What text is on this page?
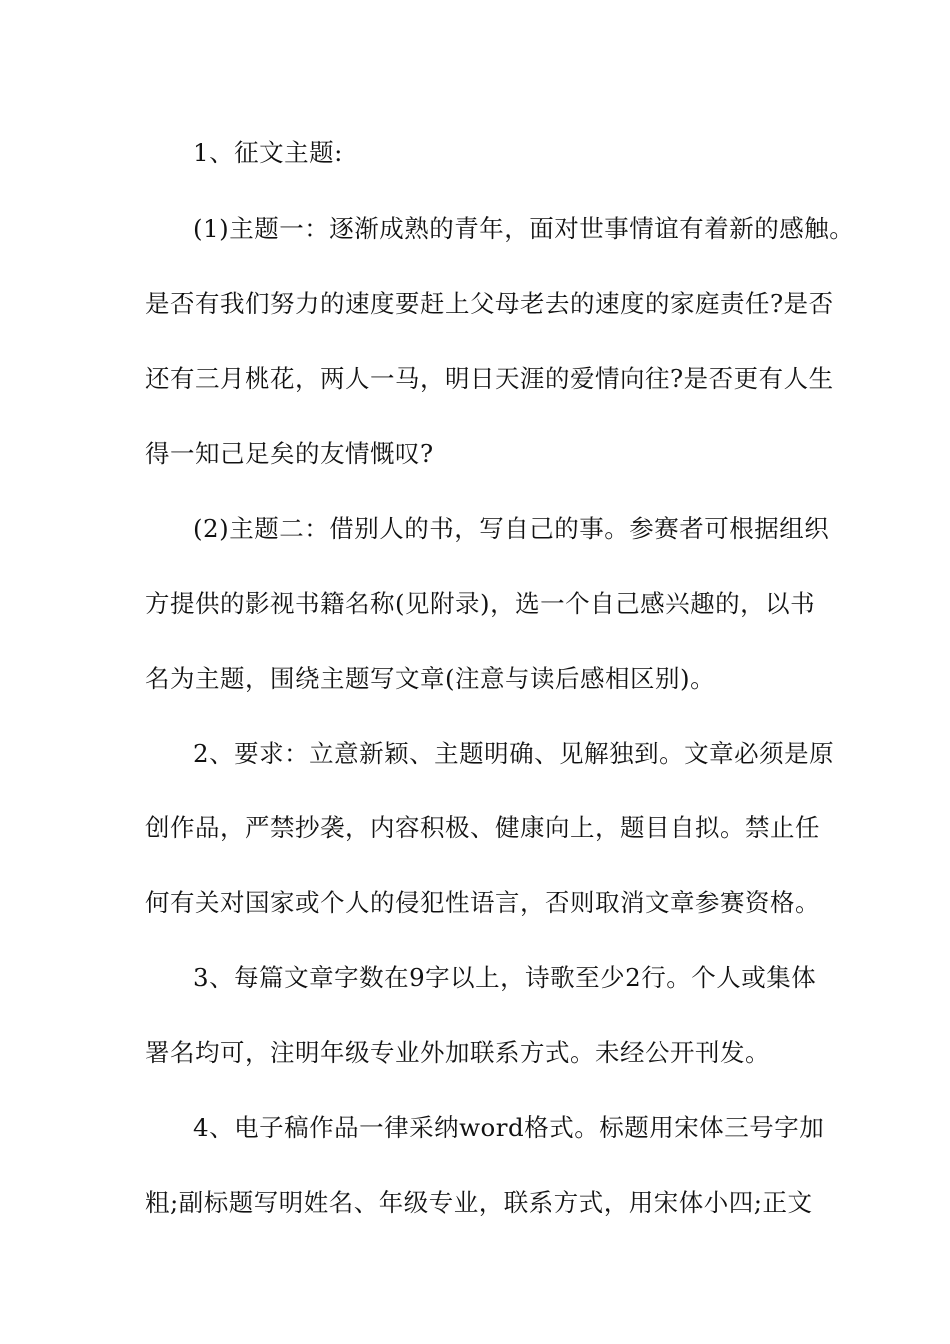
1、征文主题:
(1)主题一：逐渐成熟的青年，面对世事情谊有着新的感触。
是否有我们努力的速度要赶上父母老去的速度的家庭责任?是否
还有三月桃花，两人一马，明日天涯的爱情向往?是否更有人生
得一知己足矣的友情慨叹?
(2)主题二：借别人的书，写自己的事。参赛者可根据组织
方提供的影视书籍名称(见附录)，选一个自己感兴趣的，以书
名为主题，围绕主题写文章(注意与读后感相区别)。
2、要求：立意新颖、主题明确、见解独到。文章必须是原
创作品，严禁抄袭，内容积极、健康向上，题目自拟。禁止任
何有关对国家或个人的侵犯性语言，否则取消文章参赛资格。
3、每篇文章字数在9字以上，诗歌至少2行。个人或集体
署名均可，注明年级专业外加联系方式。未经公开刊发。
4、电子稿作品一律采纳word格式。标题用宋体三号字加
粗;副标题写明姓名、年级专业，联系方式，用宋体小四;正文
